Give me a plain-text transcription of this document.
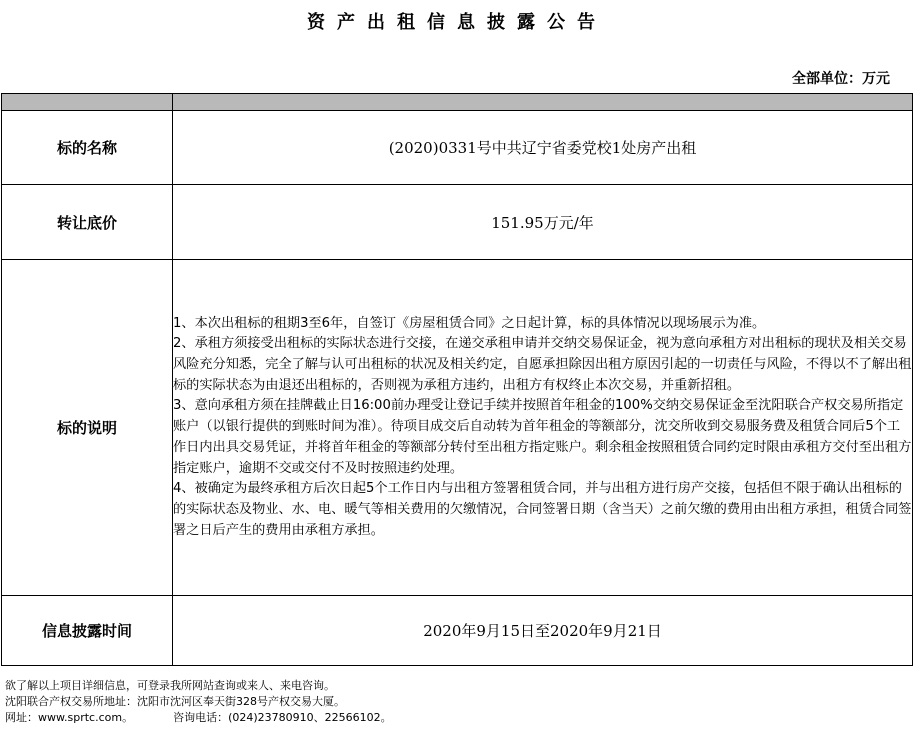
资产出租信息披露公告
全部单位：万元

标的名称	(2020)0331号中共辽宁省委党校1处房产出租
转让底价	151.95万元/年
标的说明	1、本次出租标的租期3至6年，自签订《房屋租赁合同》之日起计算，标的具体情况以现场展示为准。

2、承租方须接受出租标的实际状态进行交接，在递交承租申请并交纳交易保证金，视为意向承租方对出租标的现状及相关交易风险充分知悉，完全了解与认可出租标的状况及相关约定，自愿承担除因出租方原因引起的一切责任与风险，不得以不了解出租标的实际状态为由退还出租标的，否则视为承租方违约，出租方有权终止本次交易，并重新招租。

3、意向承租方须在挂牌截止日16:00前办理受让登记手续并按照首年租金的100%交纳交易保证金至沈阳联合产权交易所指定账户（以银行提供的到账时间为准）。待项目成交后自动转为首年租金的等额部分，沈交所收到交易服务费及租赁合同后5个工作日内出具交易凭证，并将首年租金的等额部分转付至出租方指定账户。剩余租金按照租赁合同约定时限由承租方交付至出租方指定账户，逾期不交或交付不及时按照违约处理。

4、被确定为最终承租方后次日起5个工作日内与出租方签署租赁合同，并与出租方进行房产交接，包括但不限于确认出租标的的实际状态及物业、水、电、暖气等相关费用的欠缴情况，合同签署日期（含当天）之前欠缴的费用由出租方承担，租赁合同签署之日后产生的费用由承租方承担。

信息披露时间	2020年9月15日至2020年9月21日
欲了解以上项目详细信息，可登录我所网站查询或来人、来电咨询。
沈阳联合产权交易所地址：沈阳市沈河区奉天街328号产权交易大厦。
网址：www.sprtc.com。	咨询电话：(024)23780910、22566102。
